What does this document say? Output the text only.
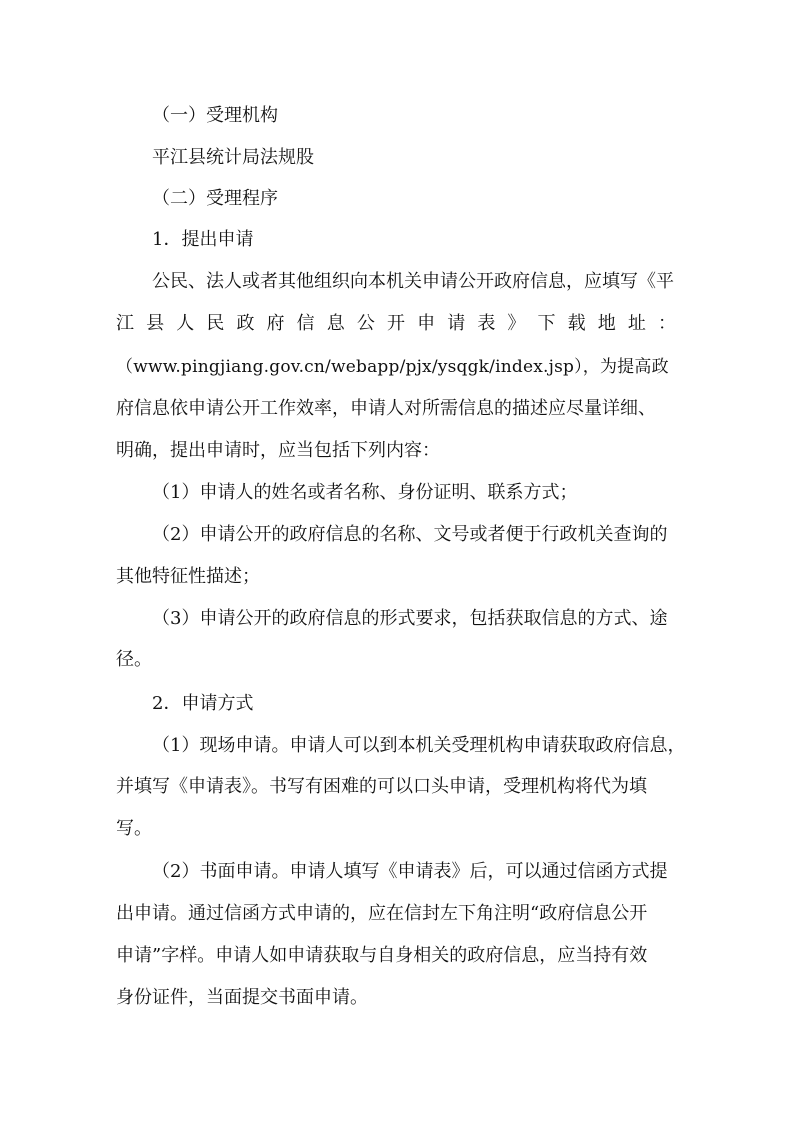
（一）受理机构
平江县统计局法规股
（二）受理程序
1．提出申请
公民、法人或者其他组织向本机关申请公开政府信息，应填写《平
江 县 人 民 政 府 信 息 公 开 申 请 表 》 下 载 地 址 ：
（www.pingjiang.gov.cn/webapp/pjx/ysqgk/index.jsp），为提高政
府信息依申请公开工作效率，申请人对所需信息的描述应尽量详细、
明确，提出申请时，应当包括下列内容：
（1）申请人的姓名或者名称、身份证明、联系方式；
（2）申请公开的政府信息的名称、文号或者便于行政机关查询的
其他特征性描述；
（3）申请公开的政府信息的形式要求，包括获取信息的方式、途
径。
2．申请方式
（1）现场申请。申请人可以到本机关受理机构申请获取政府信息，
并填写《申请表》。书写有困难的可以口头申请，受理机构将代为填
写。
（2）书面申请。申请人填写《申请表》后，可以通过信函方式提
出申请。通过信函方式申请的，应在信封左下角注明“政府信息公开
申请”字样。申请人如申请获取与自身相关的政府信息，应当持有效
身份证件，当面提交书面申请。
